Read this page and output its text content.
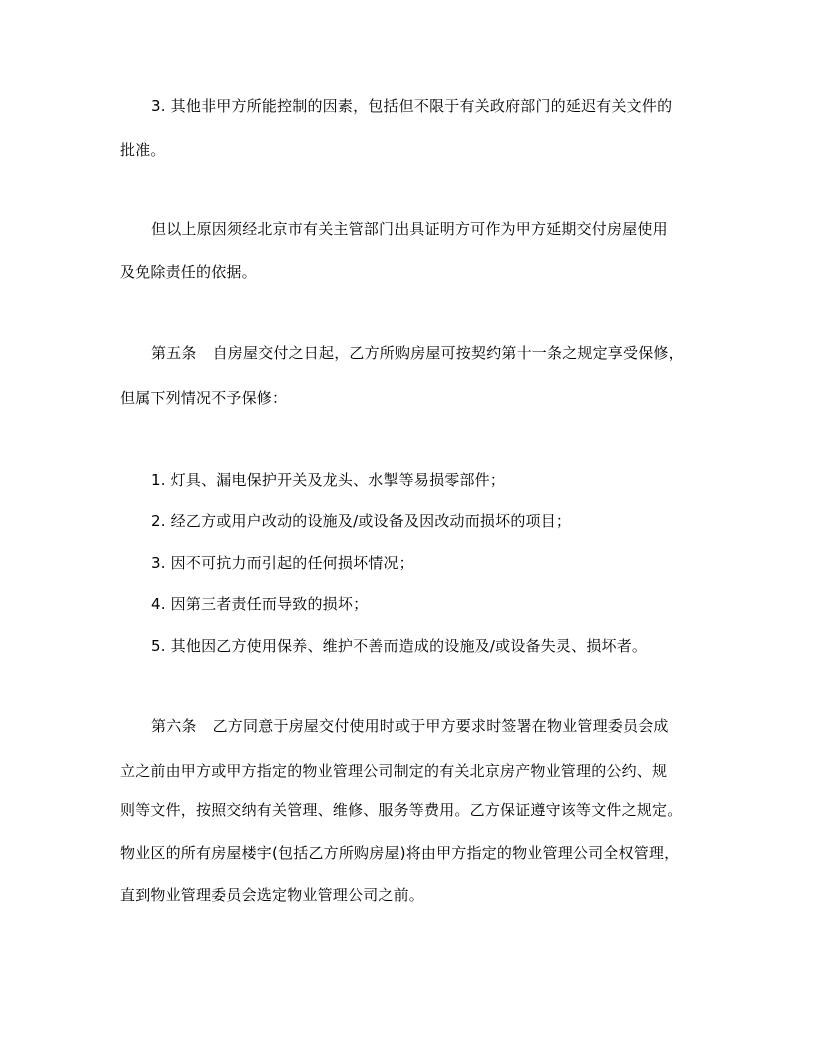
3. 其他非甲方所能控制的因素，包括但不限于有关政府部门的延迟有关文件的
批准。
但以上原因须经北京市有关主管部门出具证明方可作为甲方延期交付房屋使用
及免除责任的依据。
第五条 自房屋交付之日起，乙方所购房屋可按契约第十一条之规定享受保修，
但属下列情况不予保修：
1. 灯具、漏电保护开关及龙头、水掣等易损零部件；
2. 经乙方或用户改动的设施及/或设备及因改动而损坏的项目；
3. 因不可抗力而引起的任何损坏情况；
4. 因第三者责任而导致的损坏；
5. 其他因乙方使用保养、维护不善而造成的设施及/或设备失灵、损坏者。
第六条 乙方同意于房屋交付使用时或于甲方要求时签署在物业管理委员会成
立之前由甲方或甲方指定的物业管理公司制定的有关北京房产物业管理的公约、规
则等文件，按照交纳有关管理、维修、服务等费用。乙方保证遵守该等文件之规定。
物业区的所有房屋楼宇(包括乙方所购房屋)将由甲方指定的物业管理公司全权管理，
直到物业管理委员会选定物业管理公司之前。
